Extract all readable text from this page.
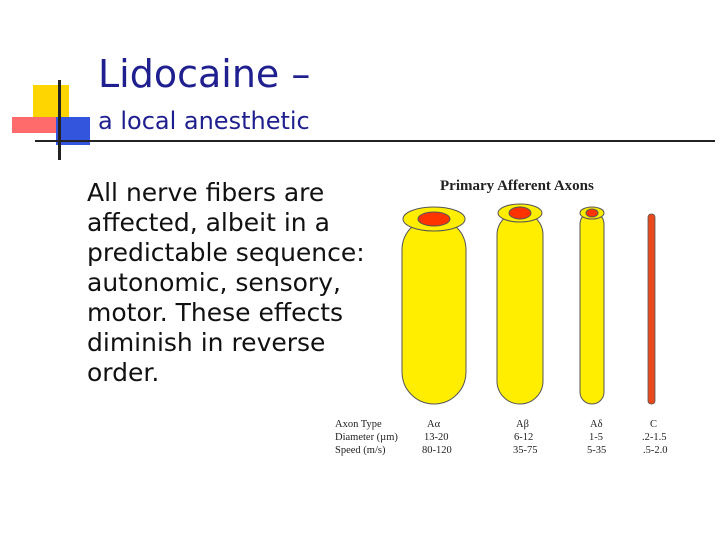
Lidocaine –
a local anesthetic
All nerve fibers are affected, albeit in a predictable sequence: autonomic, sensory, motor. These effects diminish in reverse order.
Primary Afferent Axons
Axon Type
Diameter (µm)
Speed (m/s)
Aα
13-20
80-120
Aβ
6-12
35-75
Aδ
1-5
5-35
C
.2-1.5
.5-2.0
